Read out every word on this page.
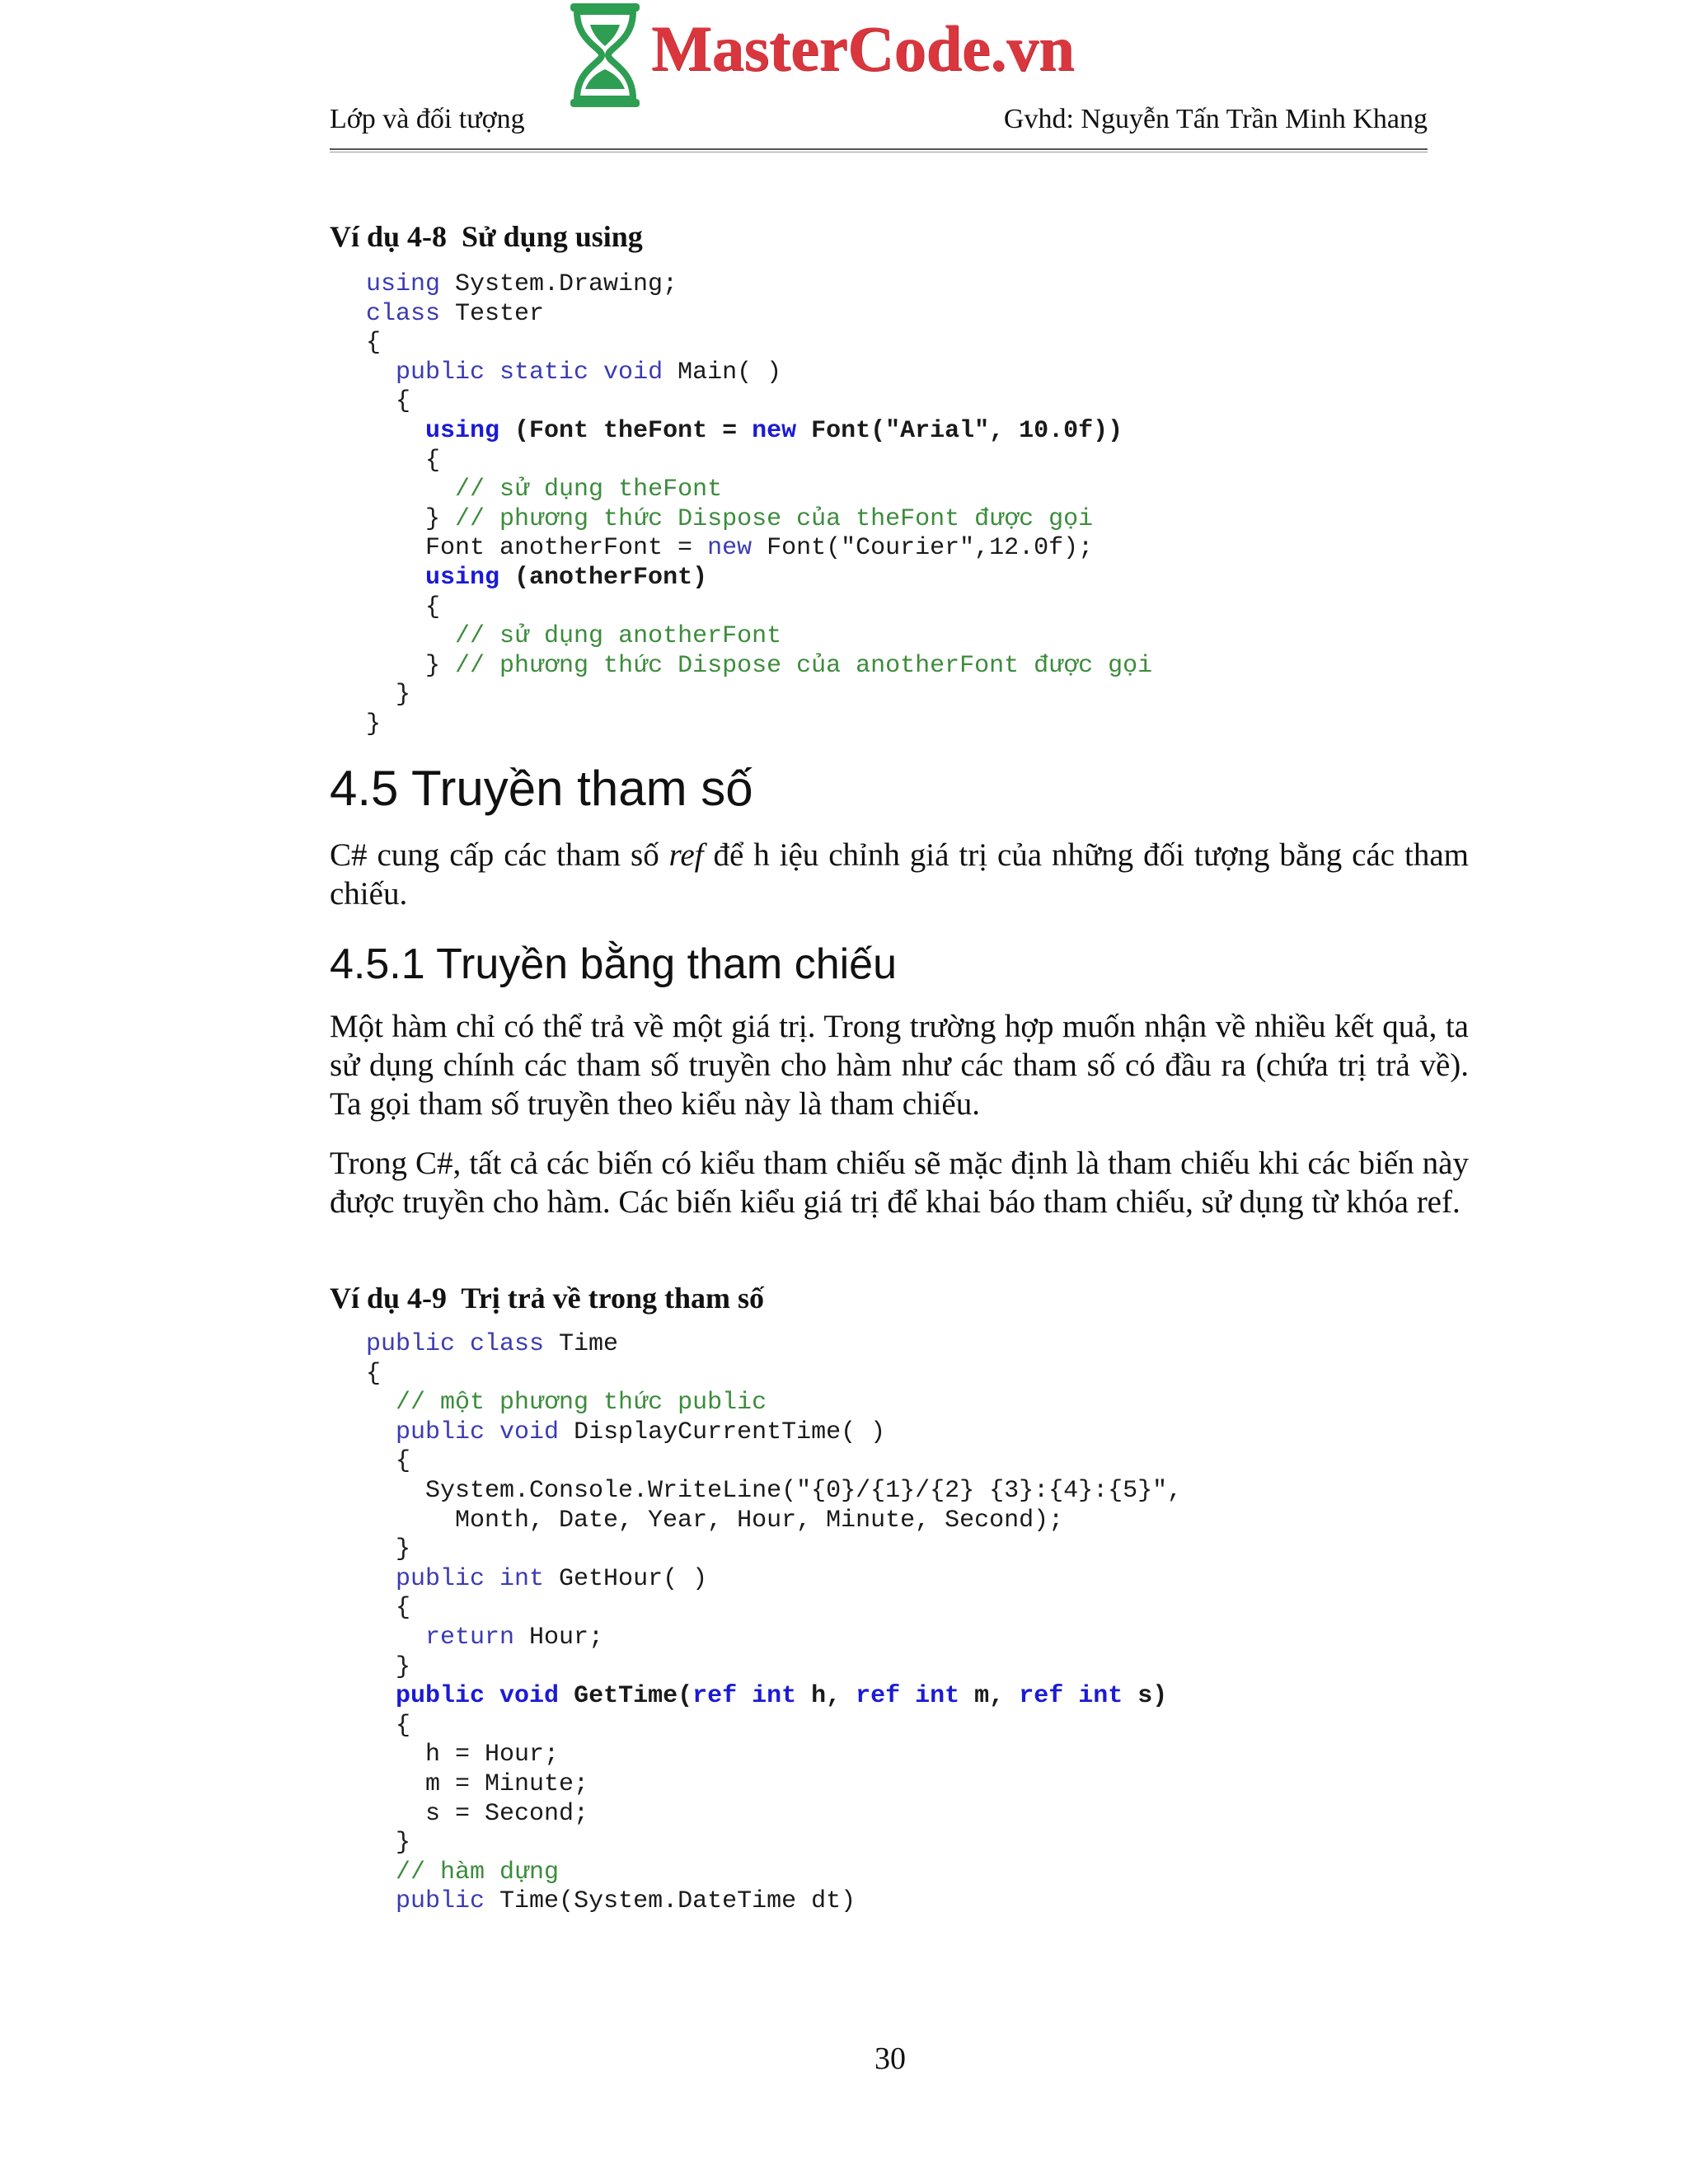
MasterCode.vn
Lớp và đối tượng	Gvhd: Nguyễn Tấn Trần Minh Khang
Ví dụ 4-8  Sử dụng using
using System.Drawing;
class Tester
{
public static void Main( )
{
using (Font theFont = new Font("Arial", 10.0f))
{
// sử dụng theFont
} // phương thức Dispose của theFont được gọi
Font anotherFont = new Font("Courier",12.0f);
using (anotherFont)
{
// sử dụng anotherFont
} // phương thức Dispose của anotherFont được gọi
}
}
4.5 Truyền tham số
C# cung cấp các tham số ref để h iệu chỉnh giá trị của những đối tượng bằng các tham chiếu.
4.5.1 Truyền bằng tham chiếu
Một hàm chỉ có thể trả về một giá trị. Trong trường hợp muốn nhận về nhiều kết quả, ta sử dụng chính các tham số truyền cho hàm như các tham số có đầu ra (chứa trị trả về). Ta gọi tham số truyền theo kiểu này là tham chiếu.
Trong C#, tất cả các biến có kiểu tham chiếu sẽ mặc định là tham chiếu khi các biến này được truyền cho hàm. Các biến kiểu giá trị để khai báo tham chiếu, sử dụng từ khóa ref.
Ví dụ 4-9  Trị trả về trong tham số
public class Time
{
// một phương thức public
public void DisplayCurrentTime( )
{
System.Console.WriteLine("{0}/{1}/{2} {3}:{4}:{5}",
Month, Date, Year, Hour, Minute, Second);
}
public int GetHour( )
{
return Hour;
}
public void GetTime(ref int h, ref int m, ref int s)
{
h = Hour;
m = Minute;
s = Second;
}
// hàm dựng
public Time(System.DateTime dt)
30
